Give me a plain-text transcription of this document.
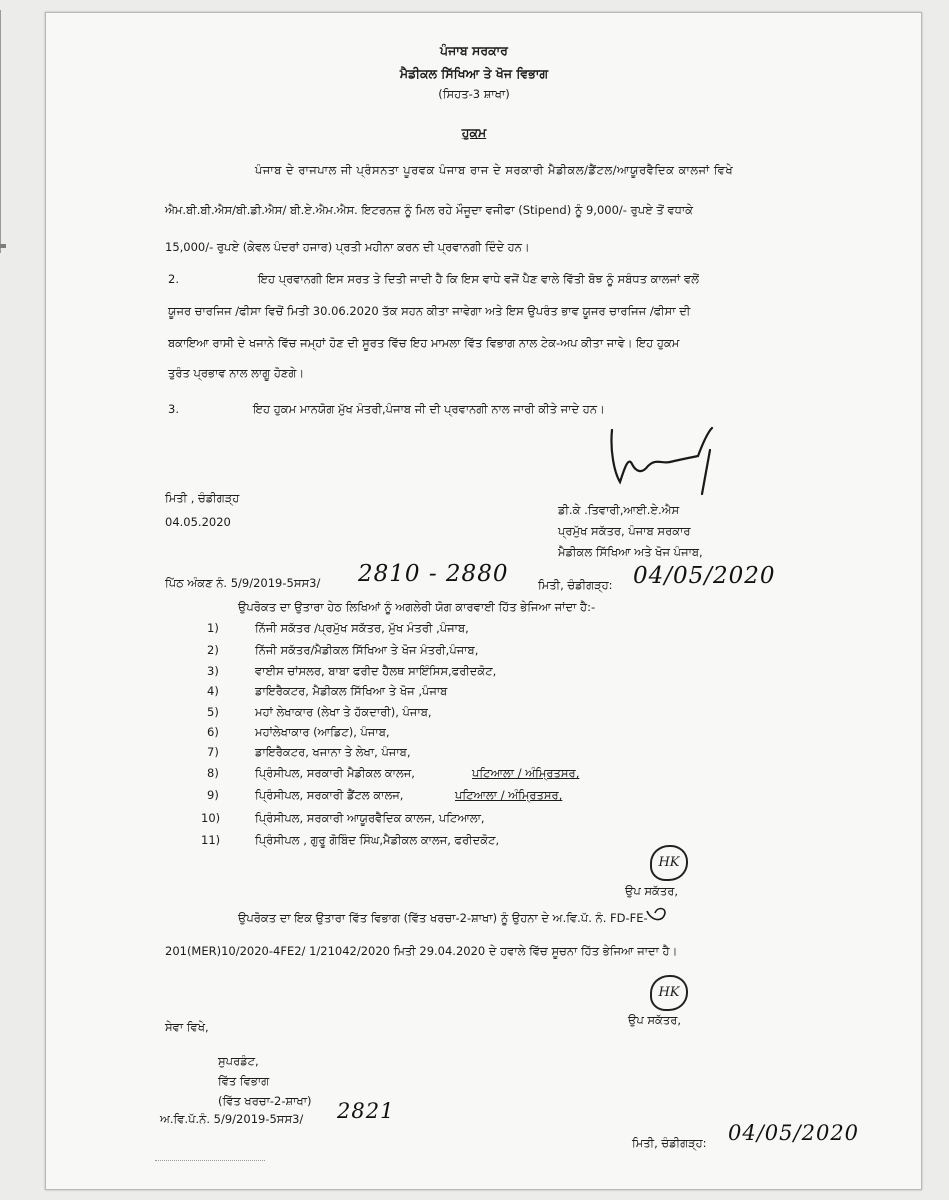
ਪੰਜਾਬ ਸਰਕਾਰ
ਮੈਡੀਕਲ ਸਿੱਖਿਆ ਤੇ ਖੋਜ ਵਿਭਾਗ
(ਸਿਹਤ-3 ਸ਼ਾਖਾ)
ਹੁਕਮ
ਪੰਜਾਬ ਦੇ ਰਾਜਪਾਲ ਜੀ ਪ੍ਰੰਸਨਤਾ ਪੂਰਵਕ ਪੰਜਾਬ ਰਾਜ ਦੇ ਸਰਕਾਰੀ ਮੈਡੀਕਲ/ਡੈਂਟਲ/ਆਯੂਰਵੈਦਿਕ ਕਾਲਜਾਂ ਵਿਖੇ
ਐਮ.ਬੀ.ਬੀ.ਐਸ/ਬੀ.ਡੀ.ਐਸ/ ਬੀ.ਏ.ਐਮ.ਐਸ. ਇਟਰਨਜ਼ ਨੂੰ ਮਿਲ ਰਹੇ ਮੌਜੂਦਾ ਵਜੀਫਾ (Stipend) ਨੂੰ 9,000/- ਰੁਪਏ ਤੋਂ ਵਧਾਕੇ
15,000/- ਰੁਪਏ (ਕੇਵਲ ਪੰਦਰਾਂ ਹਜਾਰ) ਪ੍ਰਤੀ ਮਹੀਨਾ ਕਰਨ ਦੀ ਪ੍ਰਵਾਨਗੀ ਦਿੰਦੇ ਹਨ।
2.	ਇਹ ਪ੍ਰਵਾਨਗੀ ਇਸ ਸਰਤ ਤੇ ਦਿਤੀ ਜਾਦੀ ਹੈ ਕਿ ਇਸ ਵਾਧੇ ਵਜੋਂ ਪੈਣ ਵਾਲੇ ਵਿੱਤੀ ਬੋਝ ਨੂੰ ਸਬੰਧਤ ਕਾਲਜਾਂ ਵਲੋਂ
ਯੂਜਰ ਚਾਰਜਿਜ /ਫੀਸਾ ਵਿਚੋਂ ਮਿਤੀ 30.06.2020 ਤੱਕ ਸਹਨ ਕੀਤਾ ਜਾਵੇਗਾ ਅਤੇ ਇਸ ਉਪਰੰਤ ਭਾਵ ਯੂਜਰ ਚਾਰਜਿਜ /ਫੀਸਾ ਦੀ
ਬਕਾਇਆ ਰਾਸੀ ਦੇ ਖਜਾਨੇ ਵਿੱਚ ਜਮ੍ਹਾਂ ਹੋਣ ਦੀ ਸੂਰਤ ਵਿੱਚ ਇਹ ਮਾਮਲਾ ਵਿੱਤ ਵਿਭਾਗ ਨਾਲ ਟੇਕ-ਅਪ ਕੀਤਾ ਜਾਵੇ। ਇਹ ਹੁਕਮ
ਤੁਰੰਤ ਪ੍ਰਭਾਵ ਨਾਲ ਲਾਗੂ ਹੋਣਗੇ।
3.	ਇਹ ਹੁਕਮ ਮਾਨਯੋਗ ਮੁੱਖ ਮੰਤਰੀ,ਪੰਜਾਬ ਜੀ ਦੀ ਪ੍ਰਵਾਨਗੀ ਨਾਲ ਜਾਰੀ ਕੀਤੇ ਜਾਦੇ ਹਨ।
ਮਿਤੀ , ਚੰਡੀਗੜ੍ਹ
04.05.2020
ਡੀ.ਕੇ .ਤਿਵਾਰੀ,ਆਈ.ਏ.ਐਸ
ਪ੍ਰਮੁੱਖ ਸਕੱਤਰ, ਪੰਜਾਬ ਸਰਕਾਰ
ਮੈਡੀਕਲ ਸਿੱਖਿਆ ਅਤੇ ਖੋਜ ਪੰਜਾਬ,
ਪਿੱਠ ਅੰਕਣ ਨੰ. 5/9/2019-5ਸਸ3/ 2810 - 2880	ਮਿਤੀ, ਚੰਡੀਗੜ੍ਹ: 04/05/2020
ਉਪਰੋਕਤ ਦਾ ਉਤਾਰਾ ਹੇਠ ਲਿਖਿਆਂ ਨੂੰ ਅਗਲੇਰੀ ਯੋਗ ਕਾਰਵਾਈ ਹਿੱਤ ਭੇਜਿਆ ਜਾਂਦਾ ਹੈ:-
1)	ਨਿੱਜੀ ਸਕੱਤਰ /ਪ੍ਰਮੁੱਖ ਸਕੱਤਰ, ਮੁੱਖ ਮੰਤਰੀ ,ਪੰਜਾਬ,
2)	ਨਿੱਜੀ ਸਕੱਤਰ/ਮੈਡੀਕਲ ਸਿੱਖਿਆ ਤੇ ਖੋਜ ਮੰਤਰੀ,ਪੰਜਾਬ,
3)	ਵਾਈਸ ਚਾਂਸਲਰ, ਬਾਬਾ ਫਰੀਦ ਹੈਲਥ ਸਾਇੰਸਿਸ,ਫਰੀਦਕੋਟ,
4)	ਡਾਇਰੈਕਟਰ, ਮੈਡੀਕਲ ਸਿੱਖਿਆ ਤੇ ਖੋਜ ,ਪੰਜਾਬ
5)	ਮਹਾਂ ਲੇਖਾਕਾਰ (ਲੇਖਾ ਤੇ ਹੱਕਦਾਰੀ), ਪੰਜਾਬ,
6)	ਮਹਾਂਲੇਖਾਕਾਰ (ਆਡਿਟ), ਪੰਜਾਬ,
7)	ਡਾਇਰੈਕਟਰ, ਖਜਾਨਾ ਤੇ ਲੇਖਾ, ਪੰਜਾਬ,
8)	ਪ੍ਰਿੰਸੀਪਲ, ਸਰਕਾਰੀ ਮੈਡੀਕਲ ਕਾਲਜ,	ਪਟਿਆਲਾ / ਅੰਮ੍ਰਿਤਸਰ,
9)	ਪ੍ਰਿੰਸੀਪਲ, ਸਰਕਾਰੀ ਡੈਂਟਲ ਕਾਲਜ,	ਪਟਿਆਲਾ / ਅੰਮ੍ਰਿਤਸਰ,
10)	ਪ੍ਰਿੰਸੀਪਲ, ਸਰਕਾਰੀ ਆਯੂਰਵੈਦਿਕ ਕਾਲਜ, ਪਟਿਆਲਾ,
11)	ਪ੍ਰਿੰਸੀਪਲ , ਗੁਰੂ ਗੋਬਿੰਦ ਸਿੰਘ,ਮੈਡੀਕਲ ਕਾਲਜ, ਫਰੀਦਕੋਟ,
HK
ਉਪ ਸਕੱਤਰ,
ਉਪਰੋਕਤ ਦਾ ਇਕ ਉਤਾਰਾ ਵਿੱਤ ਵਿਭਾਗ (ਵਿੱਤ ਖਰਚਾ-2-ਸ਼ਾਖਾ) ਨੂੰ ਉਹਨਾ ਦੇ ਅ.ਵਿ.ਪੱ. ਨੰ. FD-FE-
201(MER)10/2020-4FE2/ 1/21042/2020 ਮਿਤੀ 29.04.2020 ਦੇ ਹਵਾਲੇ ਵਿੱਚ ਸੂਚਨਾ ਹਿੱਤ ਭੇਜਿਆ ਜਾਦਾ ਹੈ।
HK
ਉਪ ਸਕੱਤਰ,
ਸੇਵਾ ਵਿਖੇ,
ਸੁਪਰਡੰਟ,
ਵਿੱਤ ਵਿਭਾਗ
(ਵਿੱਤ ਖਰਚਾ-2-ਸ਼ਾਖਾ)
ਅ.ਵਿ.ਪੱ.ਨੰ. 5/9/2019-5ਸਸ3/ 2821
ਮਿਤੀ, ਚੰਡੀਗੜ੍ਹ: 04/05/2020
